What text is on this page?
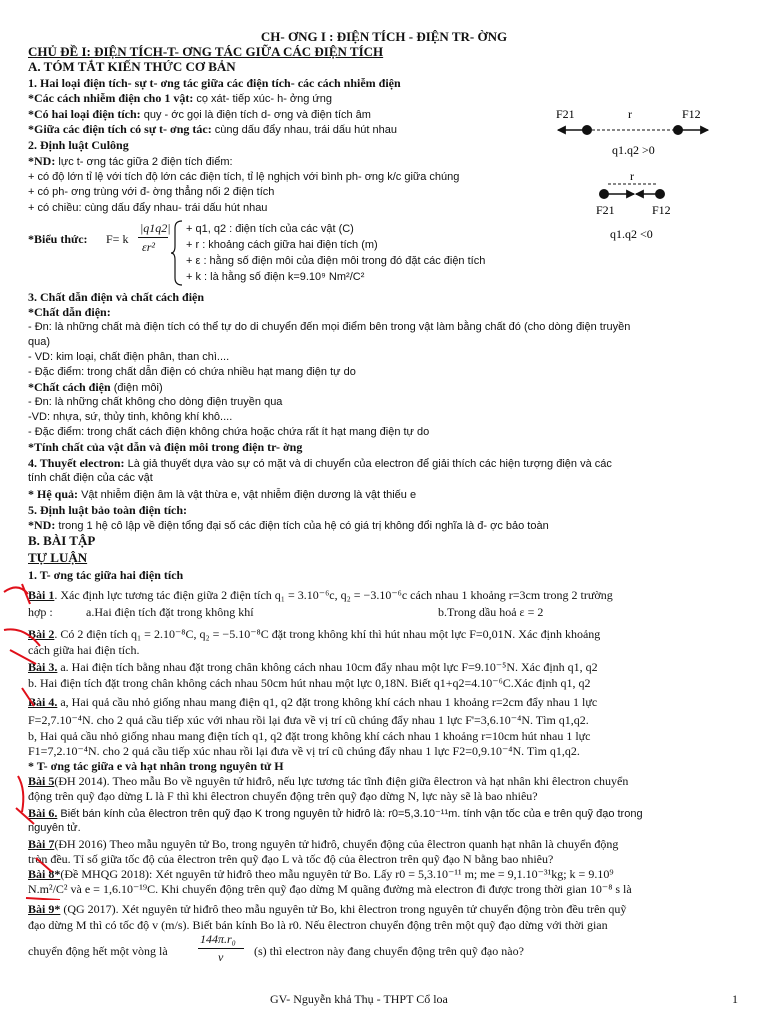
CH- ƠNG I : ĐIỆN TÍCH - ĐIỆN TR- ỜNG
CHỦ ĐỀ I: ĐIỆN TÍCH-T- ƠNG TÁC GIỮA CÁC ĐIỆN TÍCH
A. TÓM TẮT KIẾN THỨC CƠ BẢN
1. Hai loại điện tích- sự t- ơng tác giữa các điện tích- các cách nhiễm điện
*Các cách nhiễm điện cho 1 vật: cọ xát- tiếp xúc- h- ởng ứng
*Có hai loại điện tích: quy - ớc gọi là điện tích d- ơng và điện tích âm
*Giữa các điện tích có sự t- ơng tác: cùng dấu đẩy nhau, trái dấu hút nhau
2. Định luật Culông
*ND: lực t- ơng tác giữa 2 điện tích điểm:
+ có độ lớn tỉ lệ với tích độ lớn các điện tích, tỉ lệ nghịch với bình ph- ơng k/c giữa chúng
+ có ph- ơng trùng với đ- ờng thẳng nối 2 điện tích
+ có chiều: cùng dấu đẩy nhau- trái dấu hút nhau
*Biểu thức: F= k
|q1q2|
εr²
+ q1, q2 : điện tích của các vật (C)
+ r : khoảng cách giữa hai điện tích (m)
+ ε : hằng số điện môi của điện môi trong đó đặt các điện tích
+ k : là hằng số điện k=9.10⁹ Nm²/C²
F21	F12
r
q1.q2 >0
r
F21	F12
q1.q2 <0
3. Chất dẫn điện và chất cách điện
*Chất dẫn điện:
- Đn: là những chất mà điện tích có thể tự do di chuyển đến mọi điểm bên trong vật làm bằng chất đó (cho dòng điện truyền
qua)
- VD: kim loại, chất điện phân, than chì....
- Đặc điểm: trong chất dẫn điện có chứa nhiều hạt mang điện tự do
*Chất cách điện (điện môi)
- Đn: là những chất không cho dòng điện truyền qua
-VD: nhựa, sứ, thủy tinh, không khí khô....
- Đặc điểm: trong chất cách điện không chứa hoặc chứa rất ít hạt mang điện tự do
*Tính chất của vật dẫn và điện môi trong điện tr- ờng
4. Thuyết electron: Là giả thuyết dựa vào sự có mặt và di chuyển của electron để giải thích các hiện tượng điện và các
tính chất điện của các vật
* Hệ quả: Vật nhiễm điện âm là vật thừa e, vật nhiễm điện dương là vật thiếu e
5. Định luật bảo toàn điện tích:
*ND: trong 1 hệ cô lập về điện tổng đại số các điện tích của hệ có giá trị không đổi nghĩa là đ- ợc bảo toàn
B. BÀI TẬP
TỰ LUẬN
1. T- ơng tác giữa hai điện tích
Bài 1. Xác định lực tương tác điện giữa 2 điện tích q₁ = 3.10⁻⁶c, q₂ = −3.10⁻⁶c cách nhau 1 khoảng r=3cm trong 2 trường
hợp :	a.Hai điện tích đặt trong không khí	b.Trong dầu hoả ε = 2
Bài 2. Có 2 điện tích q₁ = 2.10⁻⁸C, q₂ = −5.10⁻⁸C đặt trong không khí thì hút nhau một lực F=0,01N. Xác định khoảng
cách giữa hai điện tích.
Bài 3. a. Hai điện tích bằng nhau đặt trong chân không cách nhau 10cm đẩy nhau một lực F=9.10⁻⁵N. Xác định q1, q2
b. Hai điện tích đặt trong chân không cách nhau 50cm hút nhau một lực 0,18N. Biết q1+q2=4.10⁻⁶C.Xác định q1, q2
Bài 4. a, Hai quả cầu nhỏ giống nhau mang điện q1, q2 đặt trong không khí cách nhau 1 khoảng r=2cm đẩy nhau 1 lực
F=2,7.10⁻⁴N. cho 2 quả cầu tiếp xúc với nhau rồi lại đưa về vị trí cũ chúng đẩy nhau 1 lực F'=3,6.10⁻⁴N. Tìm q1,q2.
b, Hai quả cầu nhỏ giống nhau mang điện tích q1, q2 đặt trong không khí cách nhau 1 khoảng r=10cm hút nhau 1 lực
F1=7,2.10⁻⁴N. cho 2 quả cầu tiếp xúc nhau rồi lại đưa về vị trí cũ chúng đẩy nhau 1 lực F2=0,9.10⁻⁴N. Tìm q1,q2.
* T- ơng tác giữa e và hạt nhân trong nguyên tử H
Bài 5(ĐH 2014). Theo mẫu Bo về nguyên tử hiđrô, nếu lực tương tác tĩnh điện giữa êlectron và hạt nhân khi êlectron chuyển
động trên quỹ đạo dừng L là F thì khi êlectron chuyển động trên quỹ đạo dừng N, lực này sẽ là bao nhiêu?
Bài 6. Biết bán kính của êlectron trên quỹ đạo K trong nguyên tử hiđrô là: r0=5,3.10⁻¹¹m. tính vận tốc của e trên quỹ đạo trong
nguyên tử.
Bài 7(ĐH 2016) Theo mẫu nguyên tử Bo, trong nguyên tử hiđrô, chuyển động của êlectron quanh hạt nhân là chuyển động
tròn đều. Tỉ số giữa tốc độ của êlectron trên quỹ đạo L và tốc độ của êlectron trên quỹ đạo N bằng bao nhiêu?
Bài 8*(Đề MHQG 2018): Xét nguyên tử hiđrô theo mẫu nguyên tử Bo. Lấy r0 = 5,3.10⁻¹¹ m; me = 9,1.10⁻³¹kg; k = 9.10⁹
N.m²/C² và e = 1,6.10⁻¹⁹C. Khi chuyển động trên quỹ đạo dừng M quãng đường mà electron đi được trong thời gian 10⁻⁸ s là
Bài 9* (QG 2017). Xét nguyên tử hiđrô theo mẫu nguyên tử Bo, khi êlectron trong nguyên tử chuyển động tròn đều trên quỹ
đạo dừng M thì có tốc độ v (m/s). Biết bán kính Bo là r0. Nếu êlectron chuyển động trên một quỹ đạo dừng với thời gian
chuyển động hết một vòng là
144π.r₀
v	(s) thì electron này đang chuyển động trên quỹ đạo nào?
GV- Nguyễn khả Thụ - THPT Cổ loa	1
